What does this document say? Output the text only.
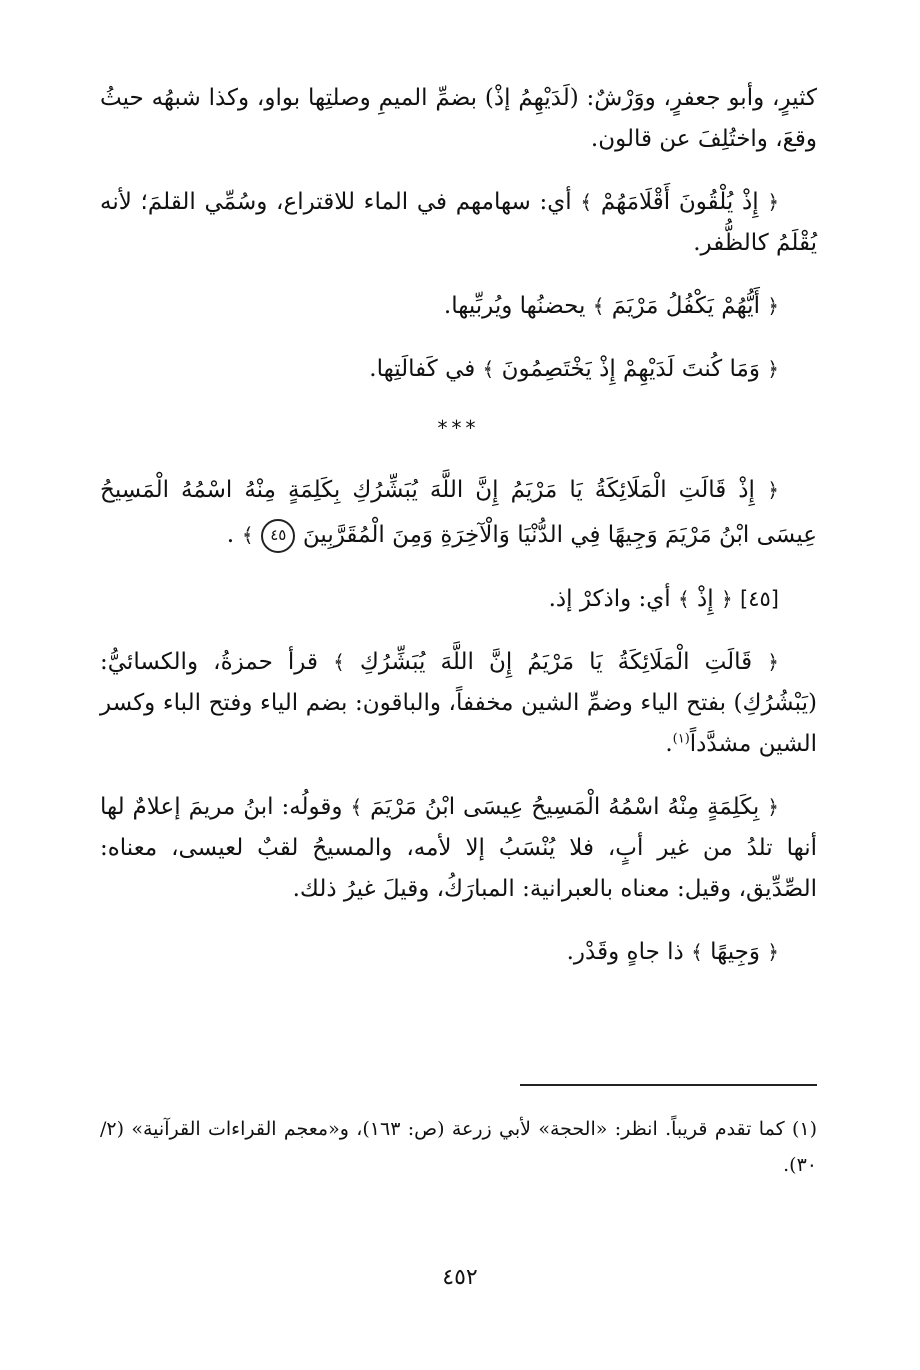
كثيرٍ، وأبو جعفرٍ، ووَرْشٌ: (لَدَيْهِمُ إذْ) بضمِّ الميمِ وصلتِها بواو، وكذا شبهُه حيثُ وقعَ، واختُلِفَ عن قالون.

﴿ إِذْ يُلْقُونَ أَقْلَامَهُمْ ﴾ أي: سهامهم في الماء للاقتراع، وسُمِّي القلمَ؛ لأنه يُقْلَمُ كالظُّفر.

﴿ أَيُّهُمْ يَكْفُلُ مَرْيَمَ ﴾ يحضنُها ويُربِّيها.

﴿ وَمَا كُنتَ لَدَيْهِمْ إِذْ يَخْتَصِمُونَ ﴾ في كَفالَتِها.

***

﴿ إِذْ قَالَتِ الْمَلَائِكَةُ يَا مَرْيَمُ إِنَّ اللَّهَ يُبَشِّرُكِ بِكَلِمَةٍ مِنْهُ اسْمُهُ الْمَسِيحُ عِيسَى ابْنُ مَرْيَمَ وَجِيهًا فِي الدُّنْيَا وَالْآخِرَةِ وَمِنَ الْمُقَرَّبِينَ ٤٥ ﴾ .

[٤٥] ﴿ إِذْ ﴾ أي: واذكرْ إذ.

﴿ قَالَتِ الْمَلَائِكَةُ يَا مَرْيَمُ إِنَّ اللَّهَ يُبَشِّرُكِ ﴾ قرأ حمزةُ، والكسائيُّ: (يَبْشُرُكِ) بفتح الياء وضمِّ الشين مخففاً، والباقون: بضم الياء وفتح الباء وكسر الشين مشدَّداً$^{(١)}$.

﴿ بِكَلِمَةٍ مِنْهُ اسْمُهُ الْمَسِيحُ عِيسَى ابْنُ مَرْيَمَ ﴾ وقولُه: ابنُ مريمَ إعلامٌ لها أنها تلدُ من غير أبٍ، فلا يُنْسَبُ إلا لأمه، والمسيحُ لقبٌ لعيسى، معناه: الصِّدِّيق، وقيل: معناه بالعبرانية: المبارَكُ، وقيلَ غيرُ ذلك.

﴿ وَجِيهًا ﴾ ذا جاهٍ وقَدْر.

(١) كما تقدم قريباً. انظر: «الحجة» لأبي زرعة (ص: ١٦٣)، و«معجم القراءات القرآنية» (٢/ ٣٠).
٤٥٢
